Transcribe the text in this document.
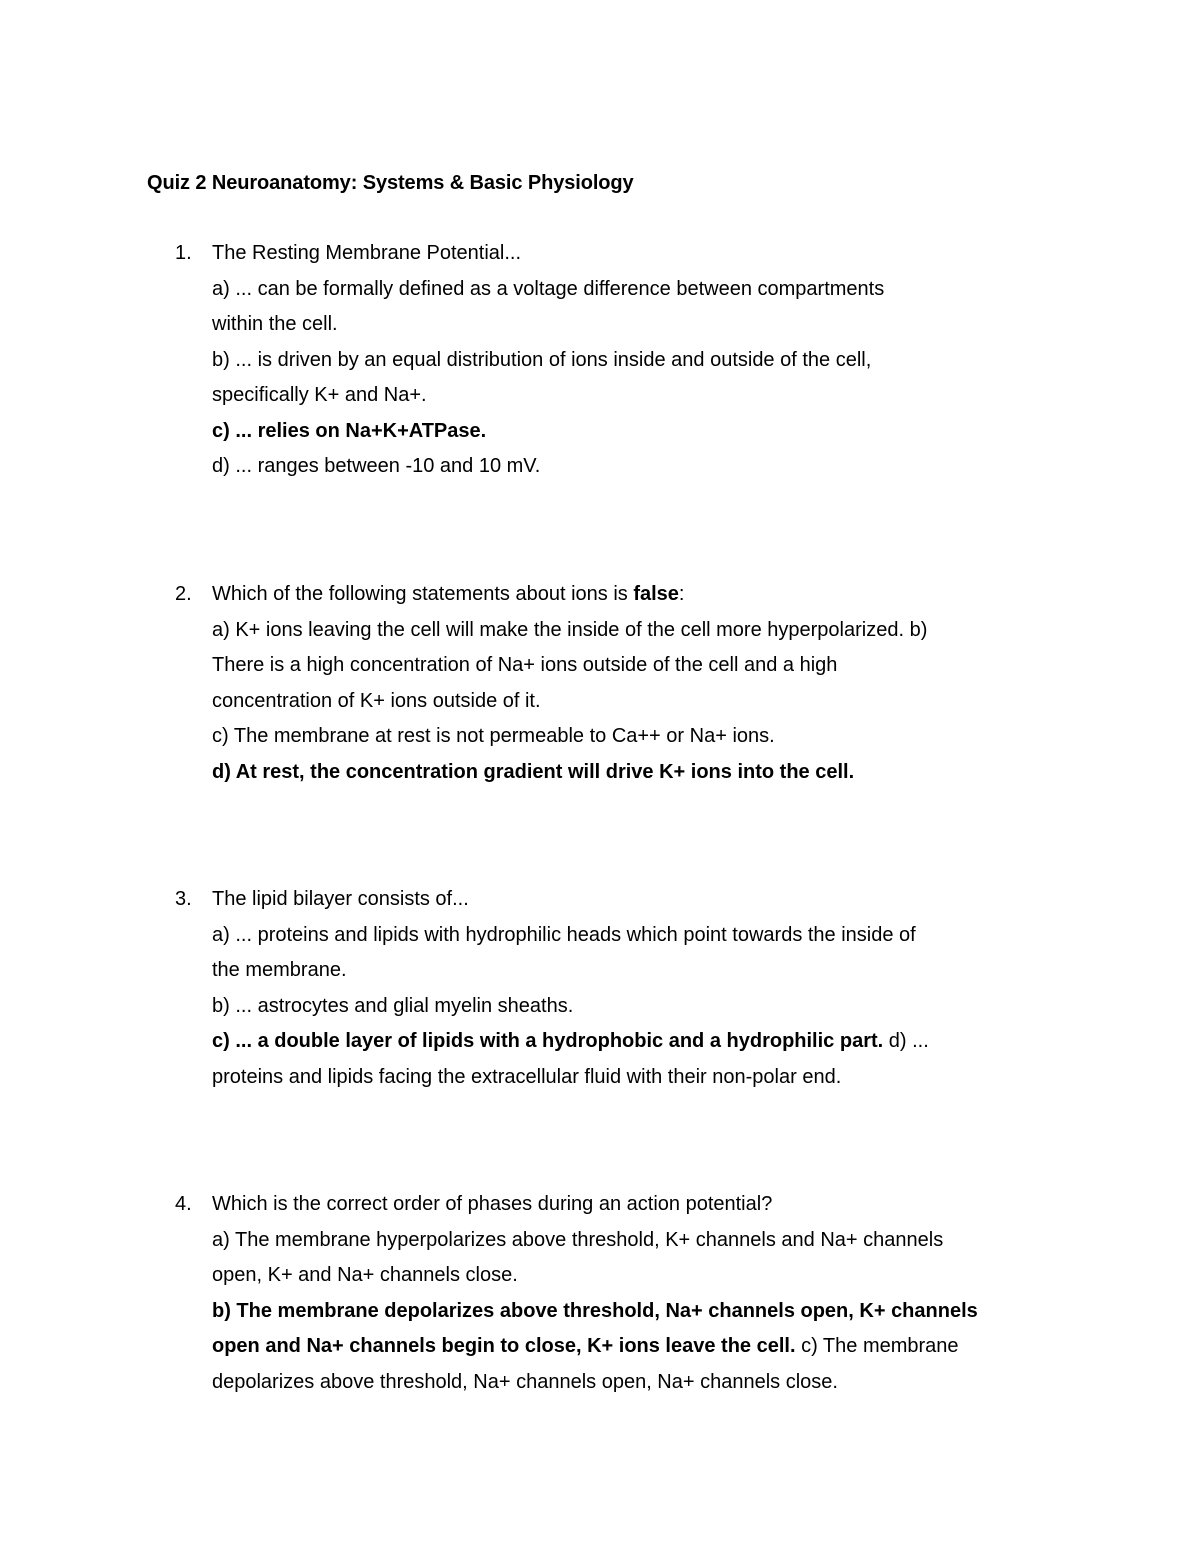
Quiz 2 Neuroanatomy: Systems & Basic Physiology
1. The Resting Membrane Potential...
a) ... can be formally defined as a voltage difference between compartments
within the cell.
b) ... is driven by an equal distribution of ions inside and outside of the cell,
specifically K+ and Na+.
c) ... relies on Na+K+ATPase.
d) ... ranges between -10 and 10 mV.
2. Which of the following statements about ions is false:
a) K+ ions leaving the cell will make the inside of the cell more hyperpolarized. b)
There is a high concentration of Na+ ions outside of the cell and a high
concentration of K+ ions outside of it.
c) The membrane at rest is not permeable to Ca++ or Na+ ions.
d) At rest, the concentration gradient will drive K+ ions into the cell.
3. The lipid bilayer consists of...
a) ... proteins and lipids with hydrophilic heads which point towards the inside of
the membrane.
b) ... astrocytes and glial myelin sheaths.
c) ... a double layer of lipids with a hydrophobic and a hydrophilic part. d) ...
proteins and lipids facing the extracellular fluid with their non-polar end.
4. Which is the correct order of phases during an action potential?
a) The membrane hyperpolarizes above threshold, K+ channels and Na+ channels
open, K+ and Na+ channels close.
b) The membrane depolarizes above threshold, Na+ channels open, K+ channels
open and Na+ channels begin to close, K+ ions leave the cell. c) The membrane
depolarizes above threshold, Na+ channels open, Na+ channels close.
